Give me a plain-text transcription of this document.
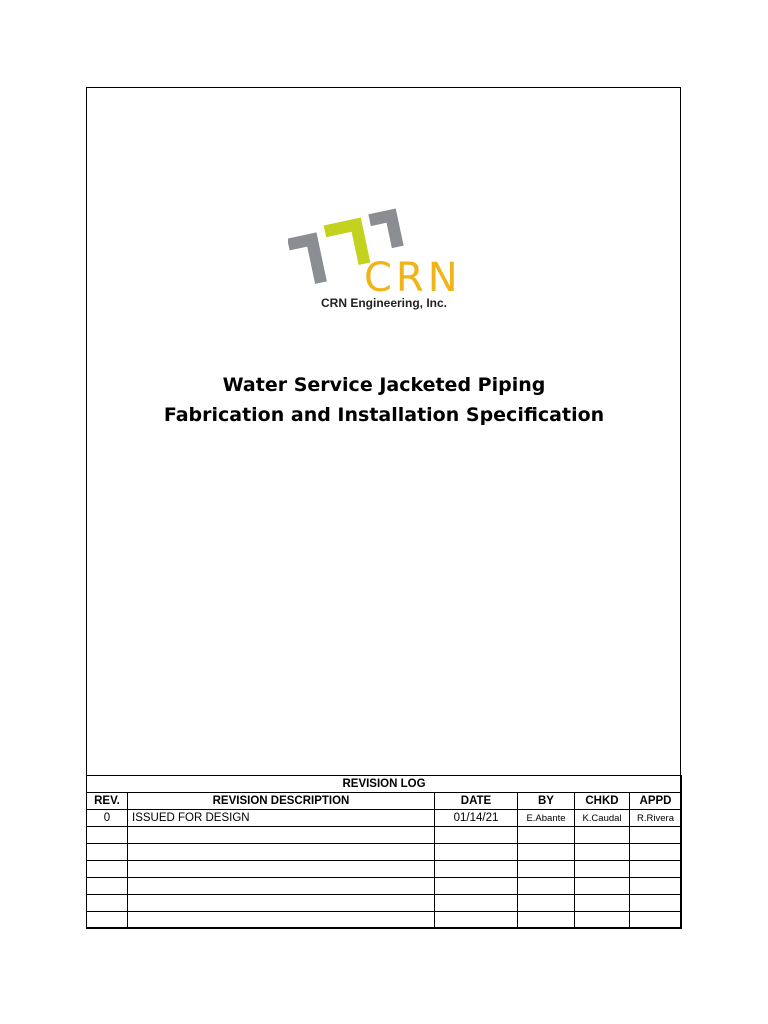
CRN
CRN Engineering, Inc.
Water Service Jacketed Piping
Fabrication and Installation Specification
REVISION LOG					
REV.	REVISION DESCRIPTION	DATE	BY	CHKD	APPD
0	ISSUED FOR DESIGN	01/14/21	E.Abante	K.Caudal	R.Rivera
